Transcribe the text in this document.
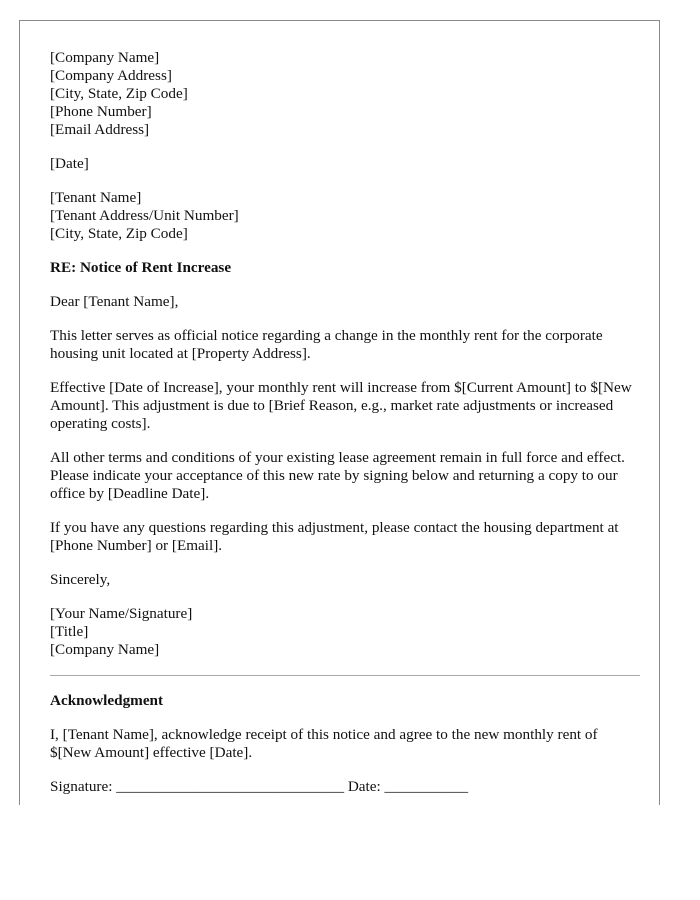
[Company Name]
[Company Address]
[City, State, Zip Code]
[Phone Number]
[Email Address]
[Date]
[Tenant Name]
[Tenant Address/Unit Number]
[City, State, Zip Code]
RE: Notice of Rent Increase

Dear [Tenant Name],

This letter serves as official notice regarding a change in the monthly rent for the corporate housing unit located at [Property Address].

Effective [Date of Increase], your monthly rent will increase from $[Current Amount] to $[New Amount]. This adjustment is due to [Brief Reason, e.g., market rate adjustments or increased operating costs].

All other terms and conditions of your existing lease agreement remain in full force and effect. Please indicate your acceptance of this new rate by signing below and returning a copy to our office by [Deadline Date].

If you have any questions regarding this adjustment, please contact the housing department at [Phone Number] or [Email].

Sincerely,

[Your Name/Signature]
[Title]
[Company Name]
Acknowledgment

I, [Tenant Name], acknowledge receipt of this notice and agree to the new monthly rent of $[New Amount] effective [Date].

Signature: ______________________________ Date: ___________
